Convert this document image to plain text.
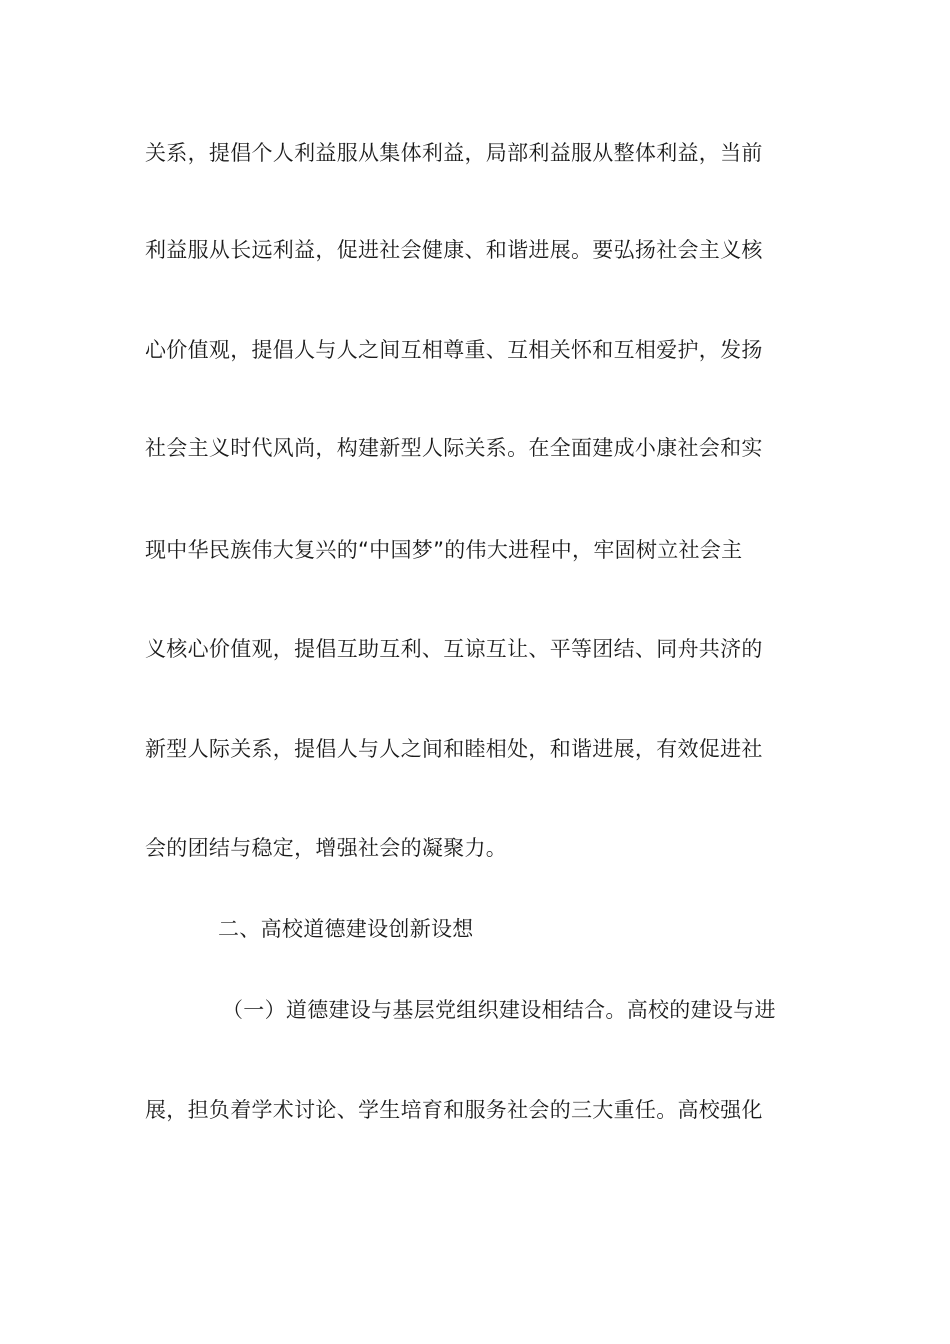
关系，提倡个人利益服从集体利益，局部利益服从整体利益，当前
利益服从长远利益，促进社会健康、和谐进展。要弘扬社会主义核
心价值观，提倡人与人之间互相尊重、互相关怀和互相爱护，发扬
社会主义时代风尚，构建新型人际关系。在全面建成小康社会和实
现中华民族伟大复兴的“中国梦”的伟大进程中，牢固树立社会主
义核心价值观，提倡互助互利、互谅互让、平等团结、同舟共济的
新型人际关系，提倡人与人之间和睦相处，和谐进展，有效促进社
会的团结与稳定，增强社会的凝聚力。
二、高校道德建设创新设想
（一）道德建设与基层党组织建设相结合。高校的建设与进
展，担负着学术讨论、学生培育和服务社会的三大重任。高校强化
